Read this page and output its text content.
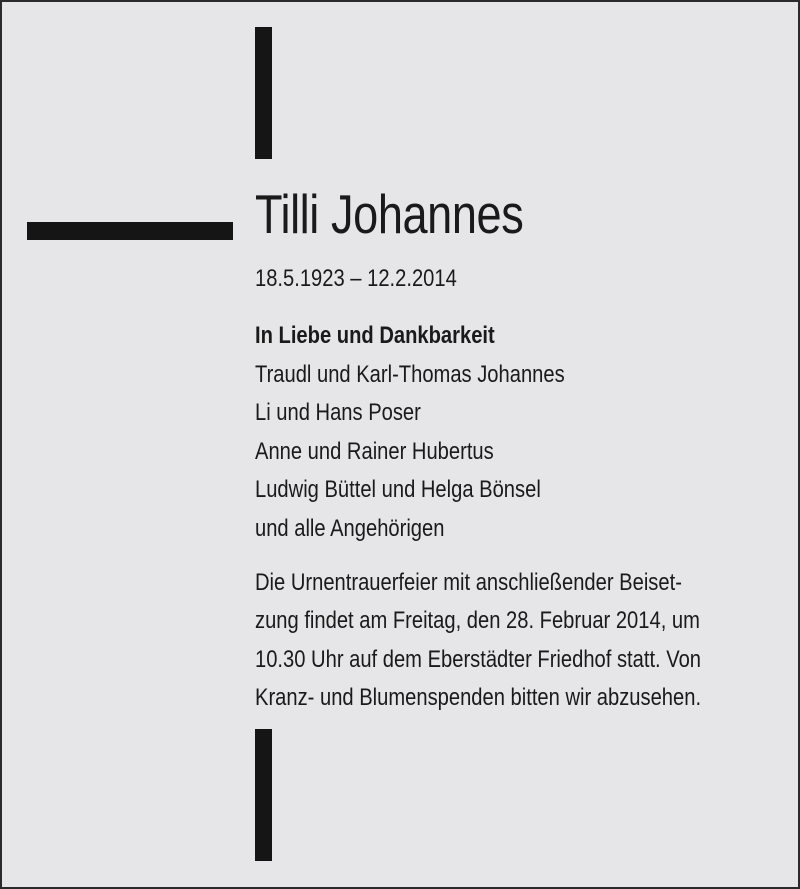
Tilli Johannes
18.5.1923 – 12.2.2014
In Liebe und Dankbarkeit
Traudl und Karl-Thomas Johannes
Li und Hans Poser
Anne und Rainer Hubertus
Ludwig Büttel und Helga Bönsel
und alle Angehörigen
Die Urnentrauerfeier mit anschließender Beiset-
zung findet am Freitag, den 28. Februar 2014, um
10.30 Uhr auf dem Eberstädter Friedhof statt. Von
Kranz- und Blumenspenden bitten wir abzusehen.
